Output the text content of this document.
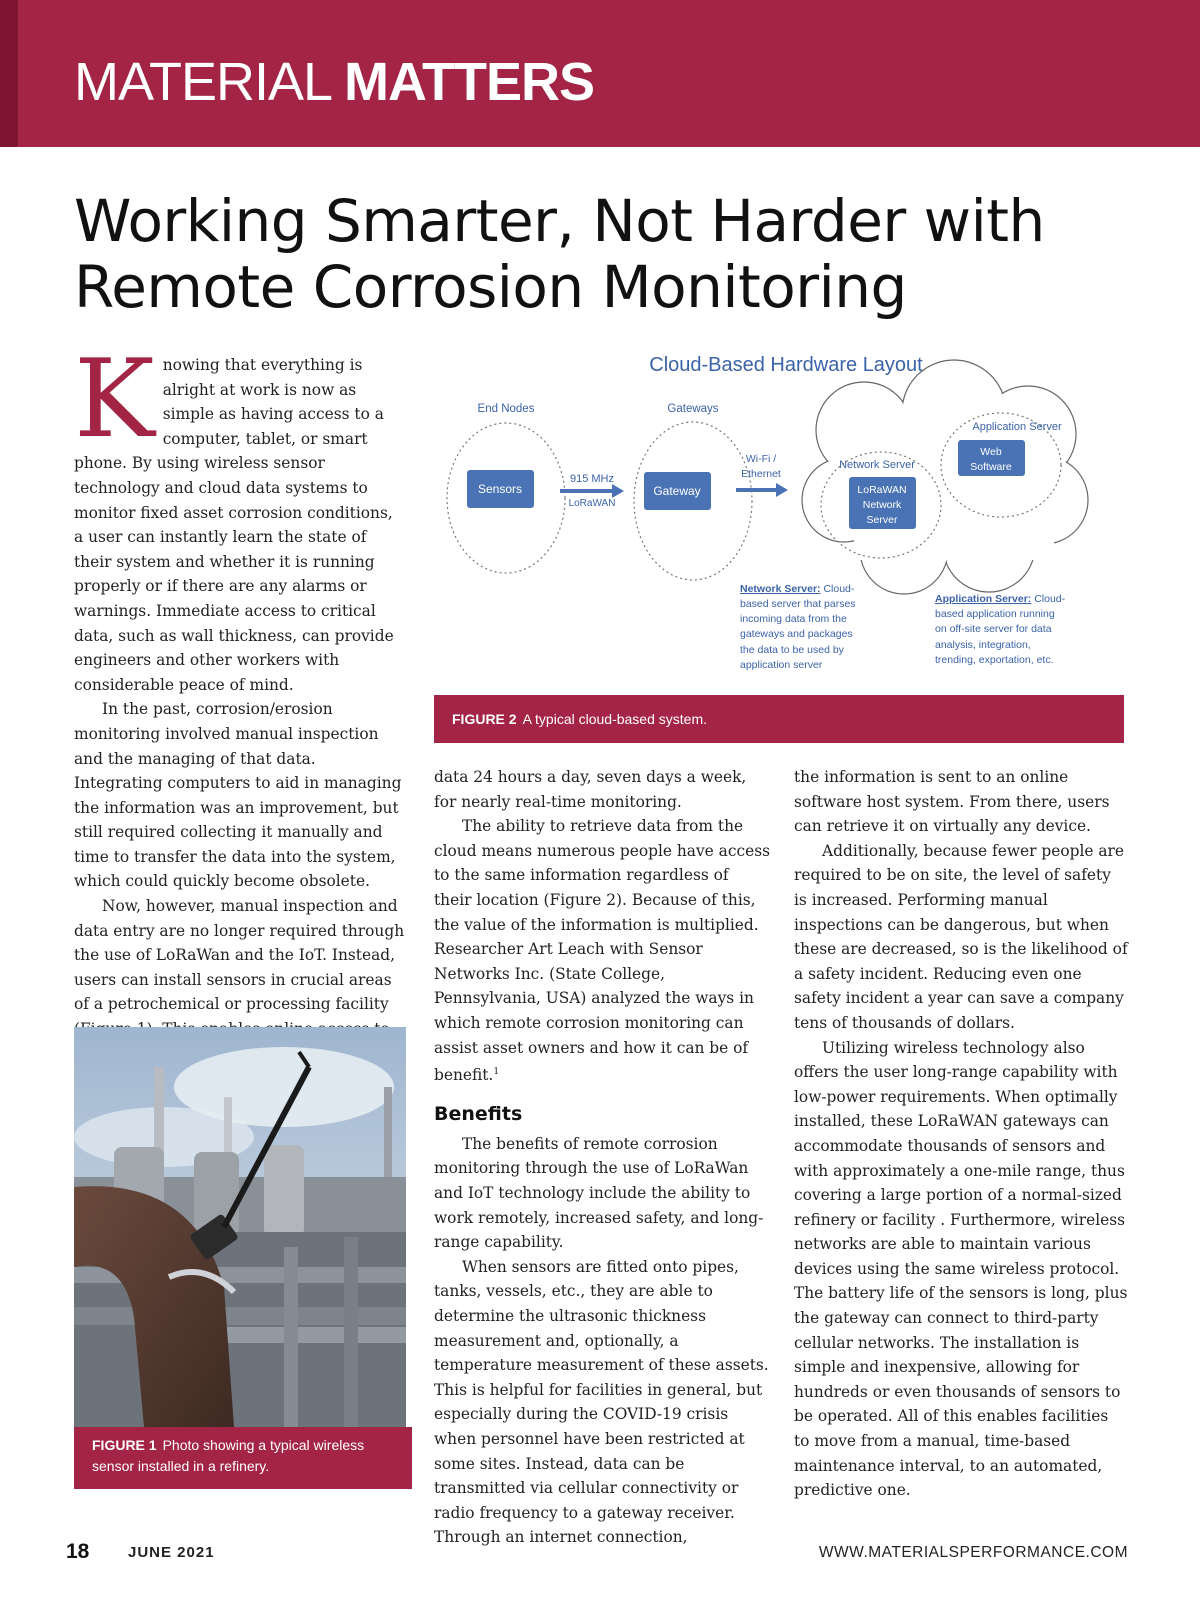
MATERIAL MATTERS
Working Smarter, Not Harder with
Remote Corrosion Monitoring

Knowing that everything is alright at work is now as simple as having access to a computer, tablet, or smart phone. By using wireless sensor technology and cloud data systems to monitor fixed asset corrosion conditions, a user can instantly learn the state of their system and whether it is running properly or if there are any alarms or warnings. Immediate access to critical data, such as wall thickness, can provide engineers and other workers with considerable peace of mind.

In the past, corrosion/erosion monitoring involved manual inspection and the managing of that data. Integrating computers to aid in managing the information was an improvement, but still required collecting it manually and time to transfer the data into the system, which could quickly become obsolete.

Now, however, manual inspection and data entry are no longer required through the use of LoRaWan and the IoT. Instead, users can install sensors in crucial areas of a petrochemical or processing facility

FIGURE 1 Photo showing a typical wireless sensor installed in a refinery.
Cloud-Based Hardware Layout
End Nodes	Gateways
Sensors	Gateway
915 MHz
LoRaWAN
Wi-Fi /
Ethernet
Network Server
LoRaWAN
Network
Server
Application Server
Web
Software
Network Server: Cloud-
based server that parses
incoming data from the
gateways and packages
the data to be used by
application server
Application Server: Cloud-
based application running
on off-site server for data
analysis, integration,
trending, exportation, etc.
FIGURE 2 A typical cloud-based system.

data 24 hours a day, seven days a week, for nearly real-time monitoring.

The ability to retrieve data from the cloud means numerous people have access to the same information regardless of their location (Figure 2). Because of this, the value of the information is multiplied. Researcher Art Leach with Sensor Networks Inc. (State College, Pennsylvania, USA) analyzed the ways in which remote corrosion monitoring can assist asset owners and how it can be of benefit.$^1$

Benefits

The benefits of remote corrosion monitoring through the use of LoRaWan and IoT technology include the ability to work remotely, increased safety, and long-range capability.

When sensors are fitted onto pipes, tanks, vessels, etc., they are able to determine the ultrasonic thickness measurement and, optionally, a temperature measurement of these assets. This is helpful for facilities in general, but especially during the COVID-19 crisis when personnel have been restricted at some sites. Instead, data can be transmitted via cellular connectivity or radio frequency to a gateway receiver. Through an internet connection,

the information is sent to an online software host system. From there, users can retrieve it on virtually any device.

Additionally, because fewer people are required to be on site, the level of safety is increased. Performing manual inspections can be dangerous, but when these are decreased, so is the likelihood of a safety incident. Reducing even one safety incident a year can save a company tens of thousands of dollars.

Utilizing wireless technology also offers the user long-range capability with low-power requirements. When optimally installed, these LoRaWAN gateways can accommodate thousands of sensors and with approximately a one-mile range, thus covering a large portion of a normal-sized refinery or facility . Furthermore, wireless networks are able to maintain various devices using the same wireless protocol. The battery life of the sensors is long, plus the gateway can connect to third-party cellular networks. The installation is simple and inexpensive, allowing for hundreds or even thousands of sensors to be operated. All of this enables facilities to move from a manual, time-based maintenance interval, to an automated, predictive one.

18	JUNE 2021	WWW.MATERIALSPERFORMANCE.COM
